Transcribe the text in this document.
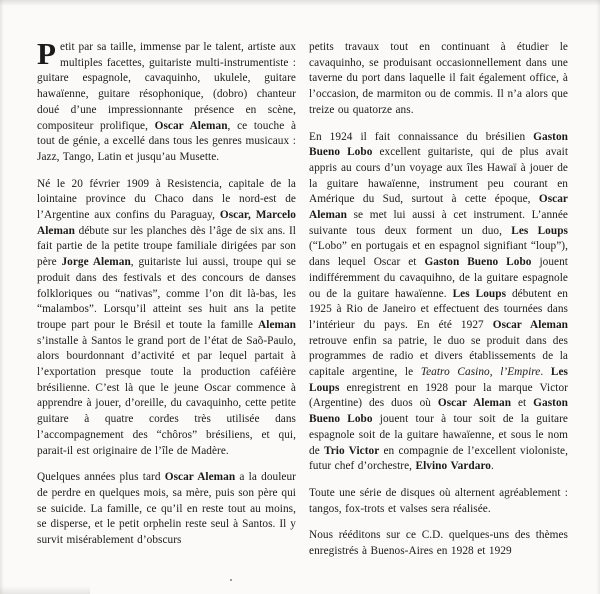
Petit par sa taille, immense par le talent, artiste aux multiples facettes, guitariste multi-instrumentiste : guitare espagnole, cavaquinho, ukulele, guitare hawaïenne, guitare résophonique, (dobro) chanteur doué d’une impressionnante présence en scène, compositeur prolifique, Oscar Aleman, ce touche à tout de génie, a excellé dans tous les genres musicaux : Jazz, Tango, Latin et jusqu’au Musette.

Né le 20 février 1909 à Resistencia, capitale de la lointaine province du Chaco dans le nord-est de l’Argentine aux confins du Paraguay, Oscar, Marcelo Aleman débute sur les planches dès l’âge de six ans. Il fait partie de la petite troupe familiale dirigées par son père Jorge Aleman, guitariste lui aussi, troupe qui se produit dans des festivals et des concours de danses folkloriques ou “nativas”, comme l’on dit là-bas, les “malambos”. Lorsqu’il atteint ses huit ans la petite troupe part pour le Brésil et toute la famille Aleman s’installe à Santos le grand port de l’état de Saõ-Paulo, alors bourdonnant d’activité et par lequel partait à l’exportation presque toute la production caféière brésilienne. C’est là que le jeune Oscar commence à apprendre à jouer, d’oreille, du cavaquinho, cette petite guitare à quatre cordes très utilisée dans l’accompagnement des “chôros” brésiliens, et qui, parait-il est originaire de l’île de Madère.

Quelques années plus tard Oscar Aleman a la douleur de perdre en quelques mois, sa mère, puis son père qui se suicide. La famille, ce qu’il en reste tout au moins, se disperse, et le petit orphelin reste seul à Santos. Il y survit misérablement d’obscurs

petits travaux tout en continuant à étudier le cavaquinho, se produisant occasionnellement dans une taverne du port dans laquelle il fait également office, à l’occasion, de marmiton ou de commis. Il n’a alors que treize ou quatorze ans.

En 1924 il fait connaissance du brésilien Gaston Bueno Lobo excellent guitariste, qui de plus avait appris au cours d’un voyage aux îles Hawaï à jouer de la guitare hawaïenne, instrument peu courant en Amérique du Sud, surtout à cette époque, Oscar Aleman se met lui aussi à cet instrument. L’année suivante tous deux forment un duo, Les Loups (“Lobo” en portugais et en espagnol signifiant “loup”), dans lequel Oscar et Gaston Bueno Lobo jouent indifféremment du cavaquihno, de la guitare espagnole ou de la guitare hawaïenne. Les Loups débutent en 1925 à Rio de Janeiro et effectuent des tournées dans l’intérieur du pays. En été 1927 Oscar Aleman retrouve enfin sa patrie, le duo se produit dans des programmes de radio et divers établissements de la capitale argentine, le Teatro Casino, l’Empire. Les Loups enregistrent en 1928 pour la marque Victor (Argentine) des duos où Oscar Aleman et Gaston Bueno Lobo jouent tour à tour soit de la guitare espagnole soit de la guitare hawaïenne, et sous le nom de Trio Victor en compagnie de l’excellent violoniste, futur chef d’orchestre, Elvino Vardaro.

Toute une série de disques où alternent agréablement : tangos, fox-trots et valses sera réalisée.

Nous rééditons sur ce C.D. quelques-uns des thèmes enregistrés à Buenos-Aires en 1928 et 1929
